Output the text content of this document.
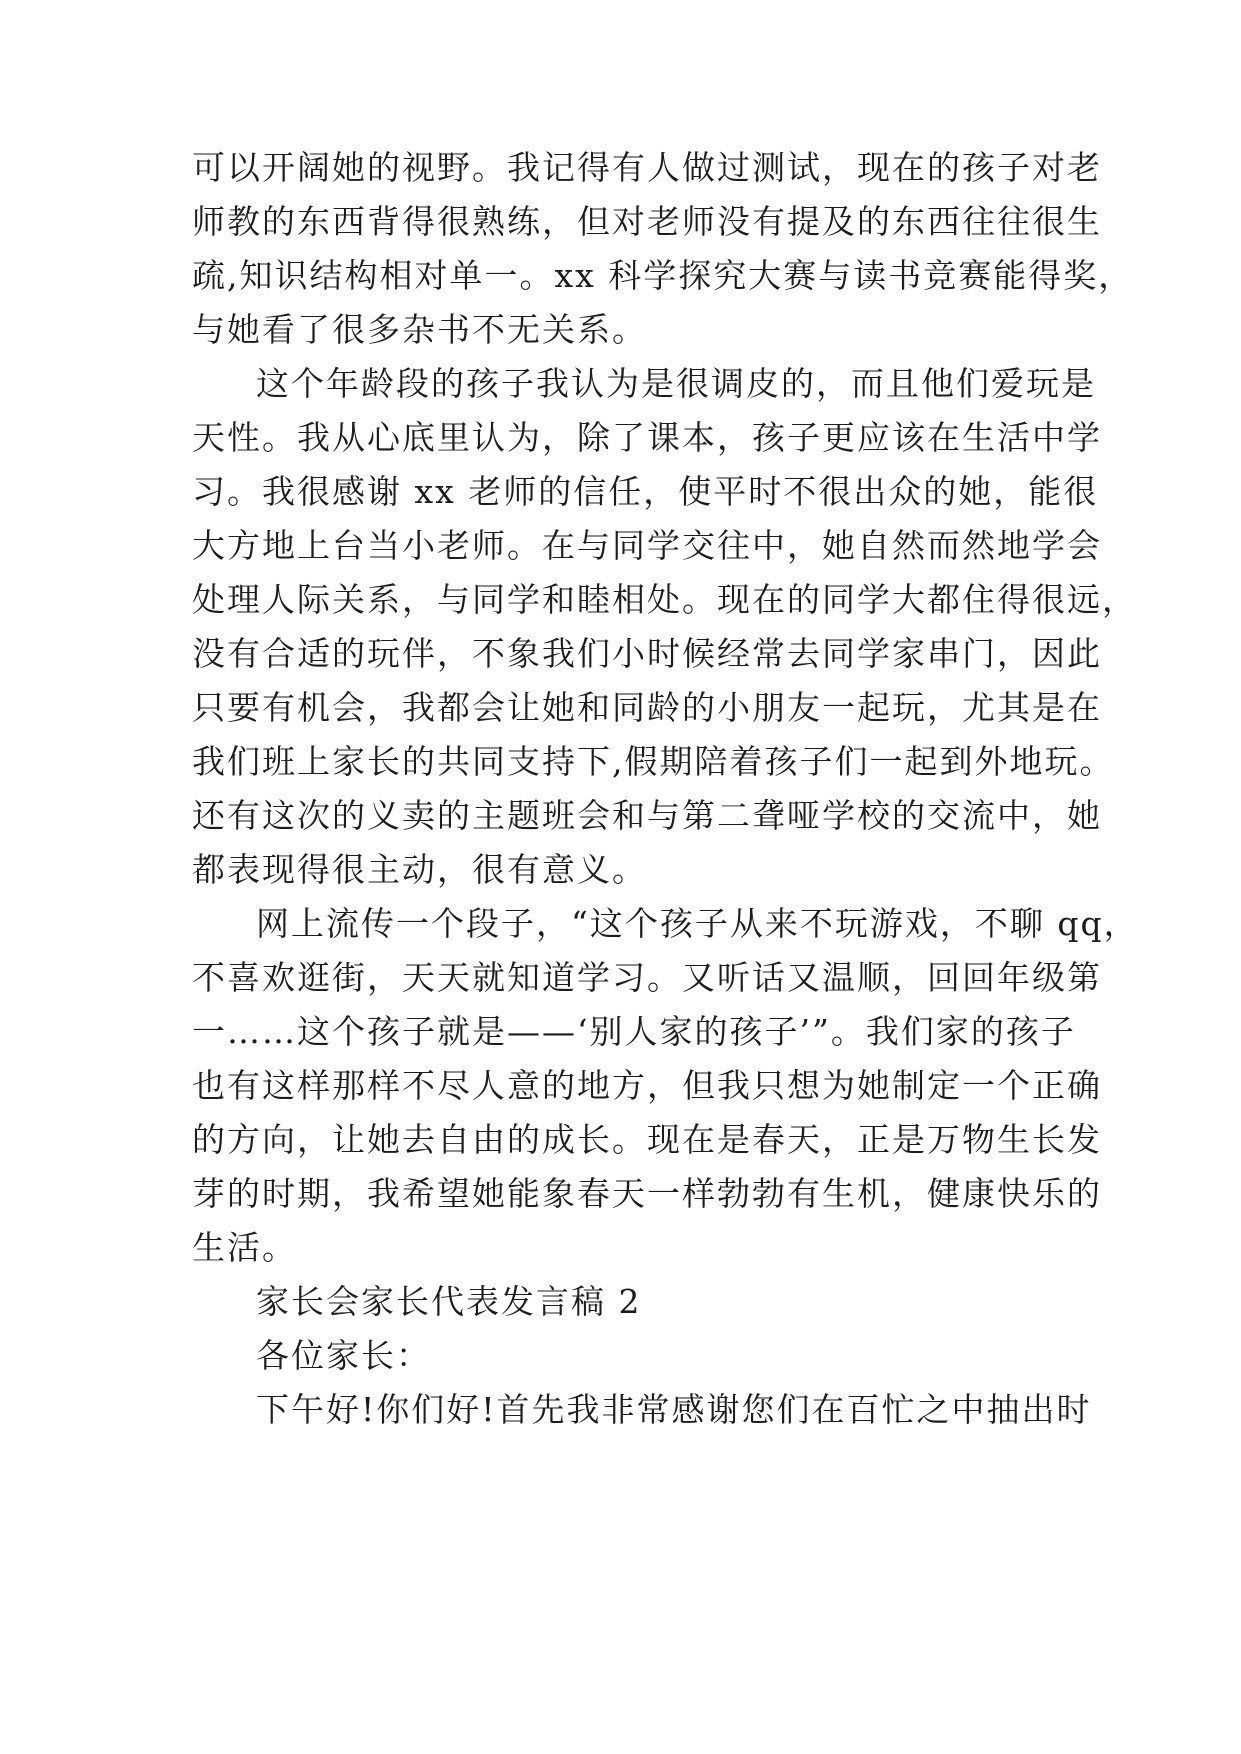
可以开阔她的视野。我记得有人做过测试，现在的孩子对老
师教的东西背得很熟练，但对老师没有提及的东西往往很生
疏,知识结构相对单一。xx 科学探究大赛与读书竞赛能得奖，
与她看了很多杂书不无关系。
这个年龄段的孩子我认为是很调皮的，而且他们爱玩是
天性。我从心底里认为，除了课本，孩子更应该在生活中学
习。我很感谢 xx 老师的信任，使平时不很出众的她，能很
大方地上台当小老师。在与同学交往中，她自然而然地学会
处理人际关系，与同学和睦相处。现在的同学大都住得很远，
没有合适的玩伴，不象我们小时候经常去同学家串门，因此
只要有机会，我都会让她和同龄的小朋友一起玩，尤其是在
我们班上家长的共同支持下,假期陪着孩子们一起到外地玩。
还有这次的义卖的主题班会和与第二聋哑学校的交流中，她
都表现得很主动，很有意义。
网上流传一个段子，“这个孩子从来不玩游戏，不聊 qq，
不喜欢逛街，天天就知道学习。又听话又温顺，回回年级第
一……这个孩子就是——‘别人家的孩子’”。我们家的孩子
也有这样那样不尽人意的地方，但我只想为她制定一个正确
的方向，让她去自由的成长。现在是春天，正是万物生长发
芽的时期，我希望她能象春天一样勃勃有生机，健康快乐的
生活。
家长会家长代表发言稿 2
各位家长：
下午好!你们好!首先我非常感谢您们在百忙之中抽出时
